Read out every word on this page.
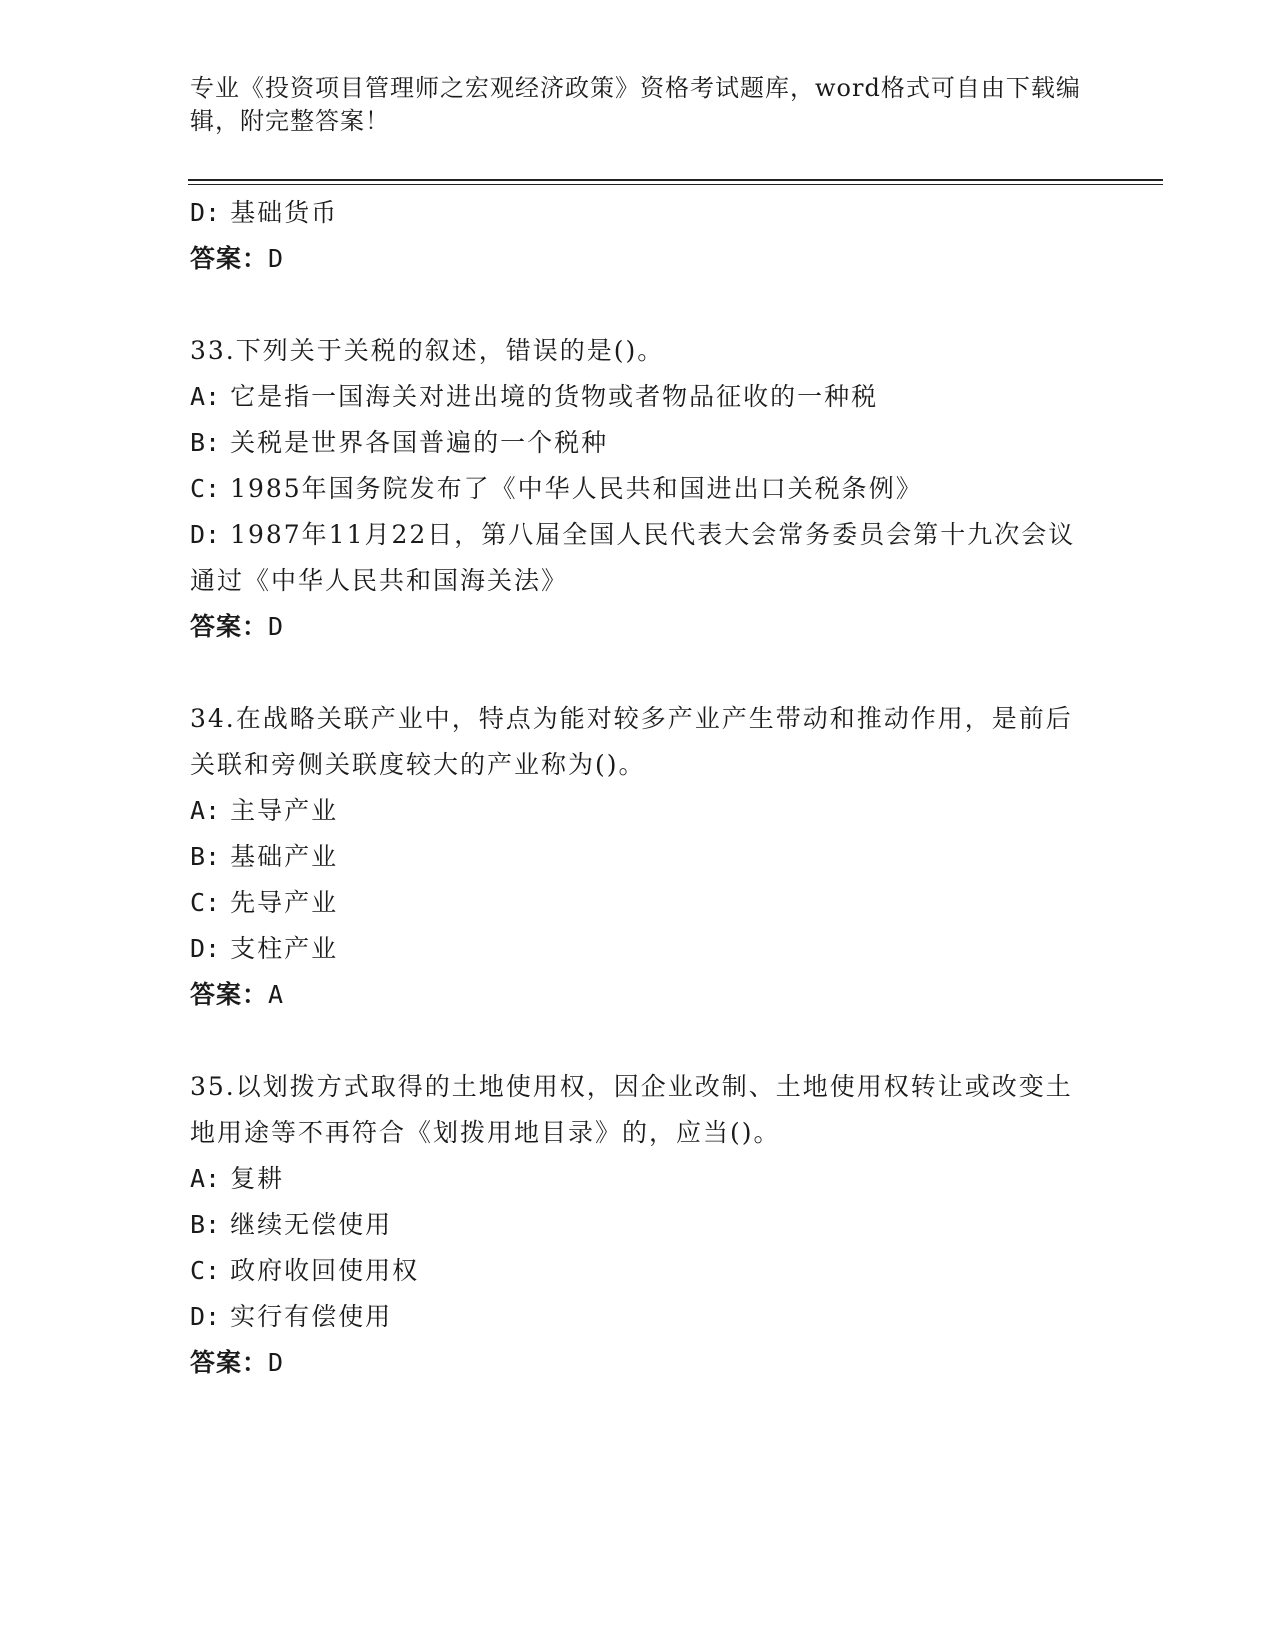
专业《投资项目管理师之宏观经济政策》资格考试题库，word格式可自由下载编辑，附完整答案！
D: 基础货币
答案：D
33.下列关于关税的叙述，错误的是()。
A: 它是指一国海关对进出境的货物或者物品征收的一种税
B: 关税是世界各国普遍的一个税种
C: 1985年国务院发布了《中华人民共和国进出口关税条例》
D: 1987年11月22日，第八届全国人民代表大会常务委员会第十九次会议通过《中华人民共和国海关法》
答案：D
34.在战略关联产业中，特点为能对较多产业产生带动和推动作用，是前后关联和旁侧关联度较大的产业称为()。
A: 主导产业
B: 基础产业
C: 先导产业
D: 支柱产业
答案：A
35.以划拨方式取得的土地使用权，因企业改制、土地使用权转让或改变土地用途等不再符合《划拨用地目录》的，应当()。
A: 复耕
B: 继续无偿使用
C: 政府收回使用权
D: 实行有偿使用
答案：D
